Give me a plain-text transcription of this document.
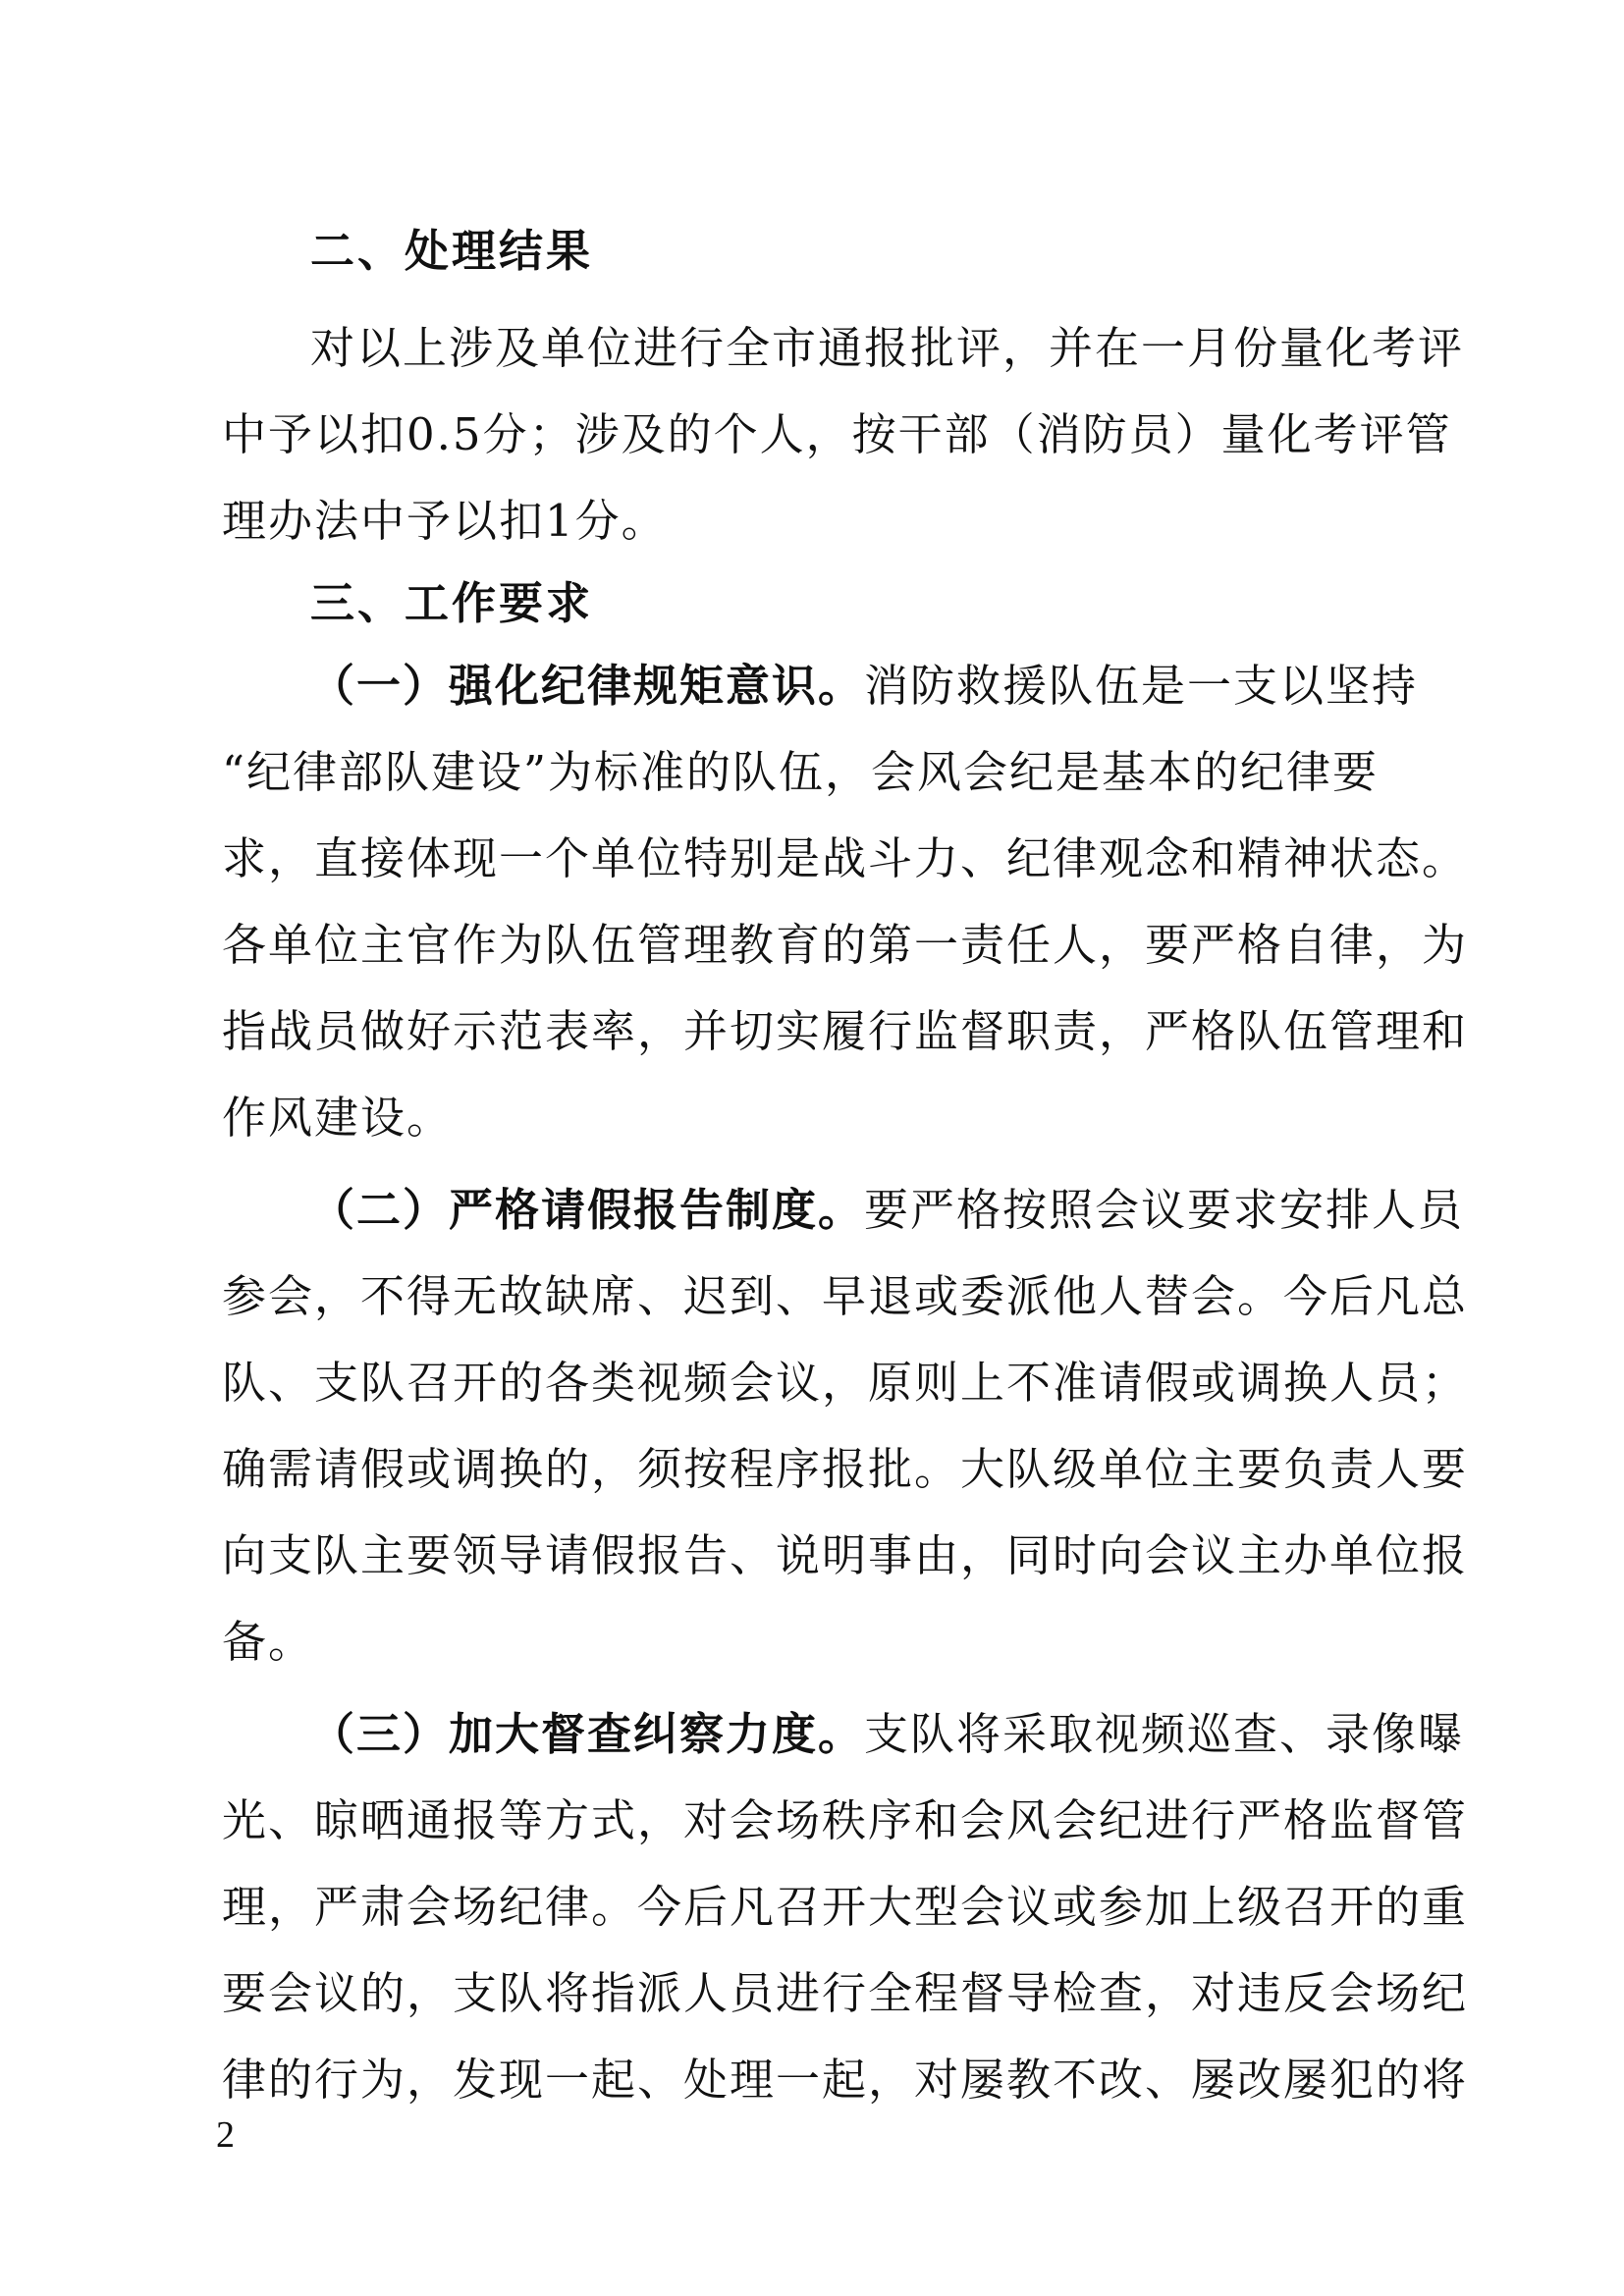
二、处理结果
对以上涉及单位进行全市通报批评，并在一月份量化考评
中予以扣0.5分；涉及的个人，按干部（消防员）量化考评管
理办法中予以扣1分。
三、工作要求
（一）强化纪律规矩意识。消防救援队伍是一支以坚持
“纪律部队建设”为标准的队伍，会风会纪是基本的纪律要
求，直接体现一个单位特别是战斗力、纪律观念和精神状态。
各单位主官作为队伍管理教育的第一责任人，要严格自律，为
指战员做好示范表率，并切实履行监督职责，严格队伍管理和
作风建设。
（二）严格请假报告制度。要严格按照会议要求安排人员
参会，不得无故缺席、迟到、早退或委派他人替会。今后凡总
队、支队召开的各类视频会议，原则上不准请假或调换人员；
确需请假或调换的，须按程序报批。大队级单位主要负责人要
向支队主要领导请假报告、说明事由，同时向会议主办单位报
备。
（三）加大督查纠察力度。支队将采取视频巡查、录像曝
光、晾晒通报等方式，对会场秩序和会风会纪进行严格监督管
理，严肃会场纪律。今后凡召开大型会议或参加上级召开的重
要会议的，支队将指派人员进行全程督导检查，对违反会场纪
律的行为，发现一起、处理一起，对屡教不改、屡改屡犯的将
2
